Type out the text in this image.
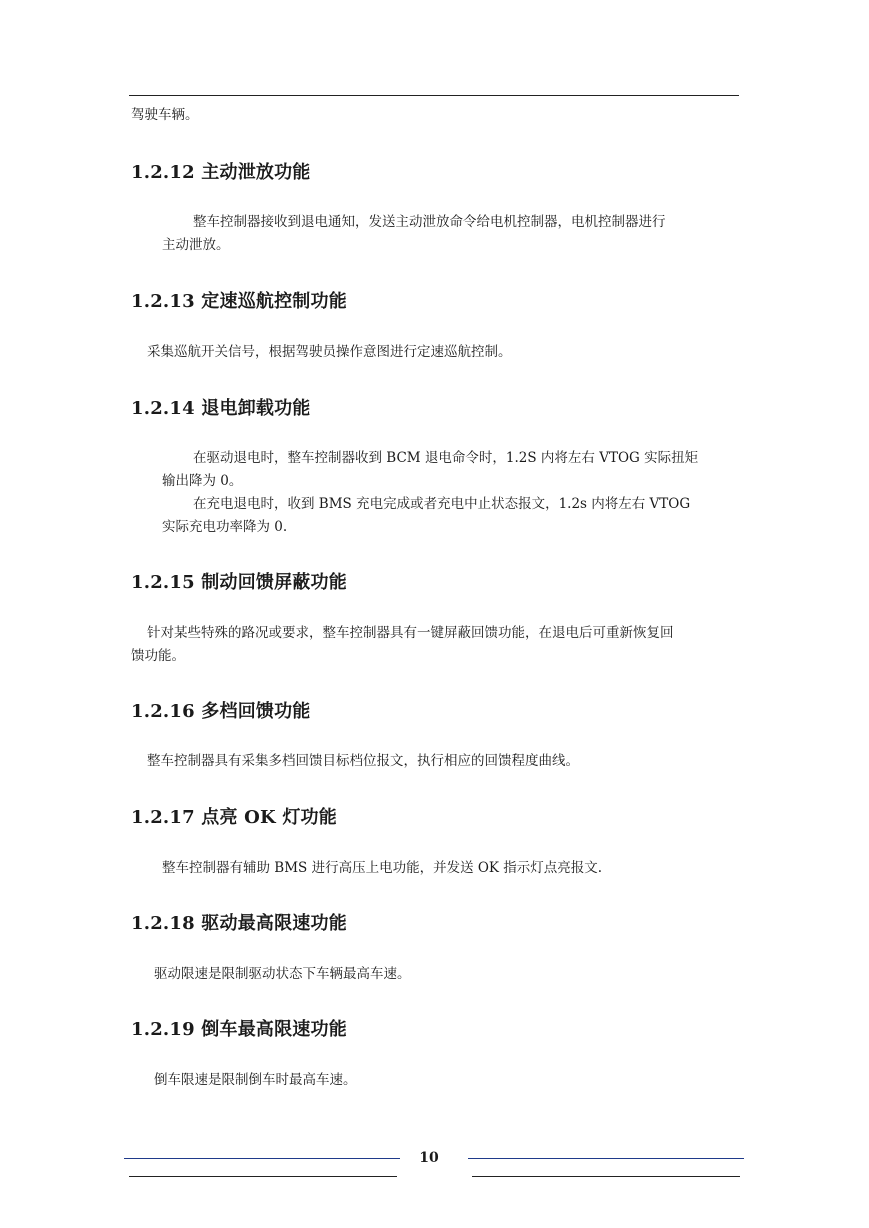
驾驶车辆。
1.2.12 主动泄放功能
整车控制器接收到退电通知，发送主动泄放命令给电机控制器，电机控制器进行
主动泄放。
1.2.13 定速巡航控制功能
采集巡航开关信号，根据驾驶员操作意图进行定速巡航控制。
1.2.14 退电卸载功能
在驱动退电时，整车控制器收到 BCM 退电命令时，1.2S 内将左右 VTOG 实际扭矩
输出降为 0。
在充电退电时，收到 BMS 充电完成或者充电中止状态报文，1.2s 内将左右 VTOG
实际充电功率降为 0.
1.2.15 制动回馈屏蔽功能
针对某些特殊的路况或要求，整车控制器具有一键屏蔽回馈功能，在退电后可重新恢复回
馈功能。
1.2.16 多档回馈功能
整车控制器具有采集多档回馈目标档位报文，执行相应的回馈程度曲线。
1.2.17 点亮 OK 灯功能
整车控制器有辅助 BMS 进行高压上电功能，并发送 OK 指示灯点亮报文.
1.2.18 驱动最高限速功能
驱动限速是限制驱动状态下车辆最高车速。
1.2.19 倒车最高限速功能
倒车限速是限制倒车时最高车速。
10
